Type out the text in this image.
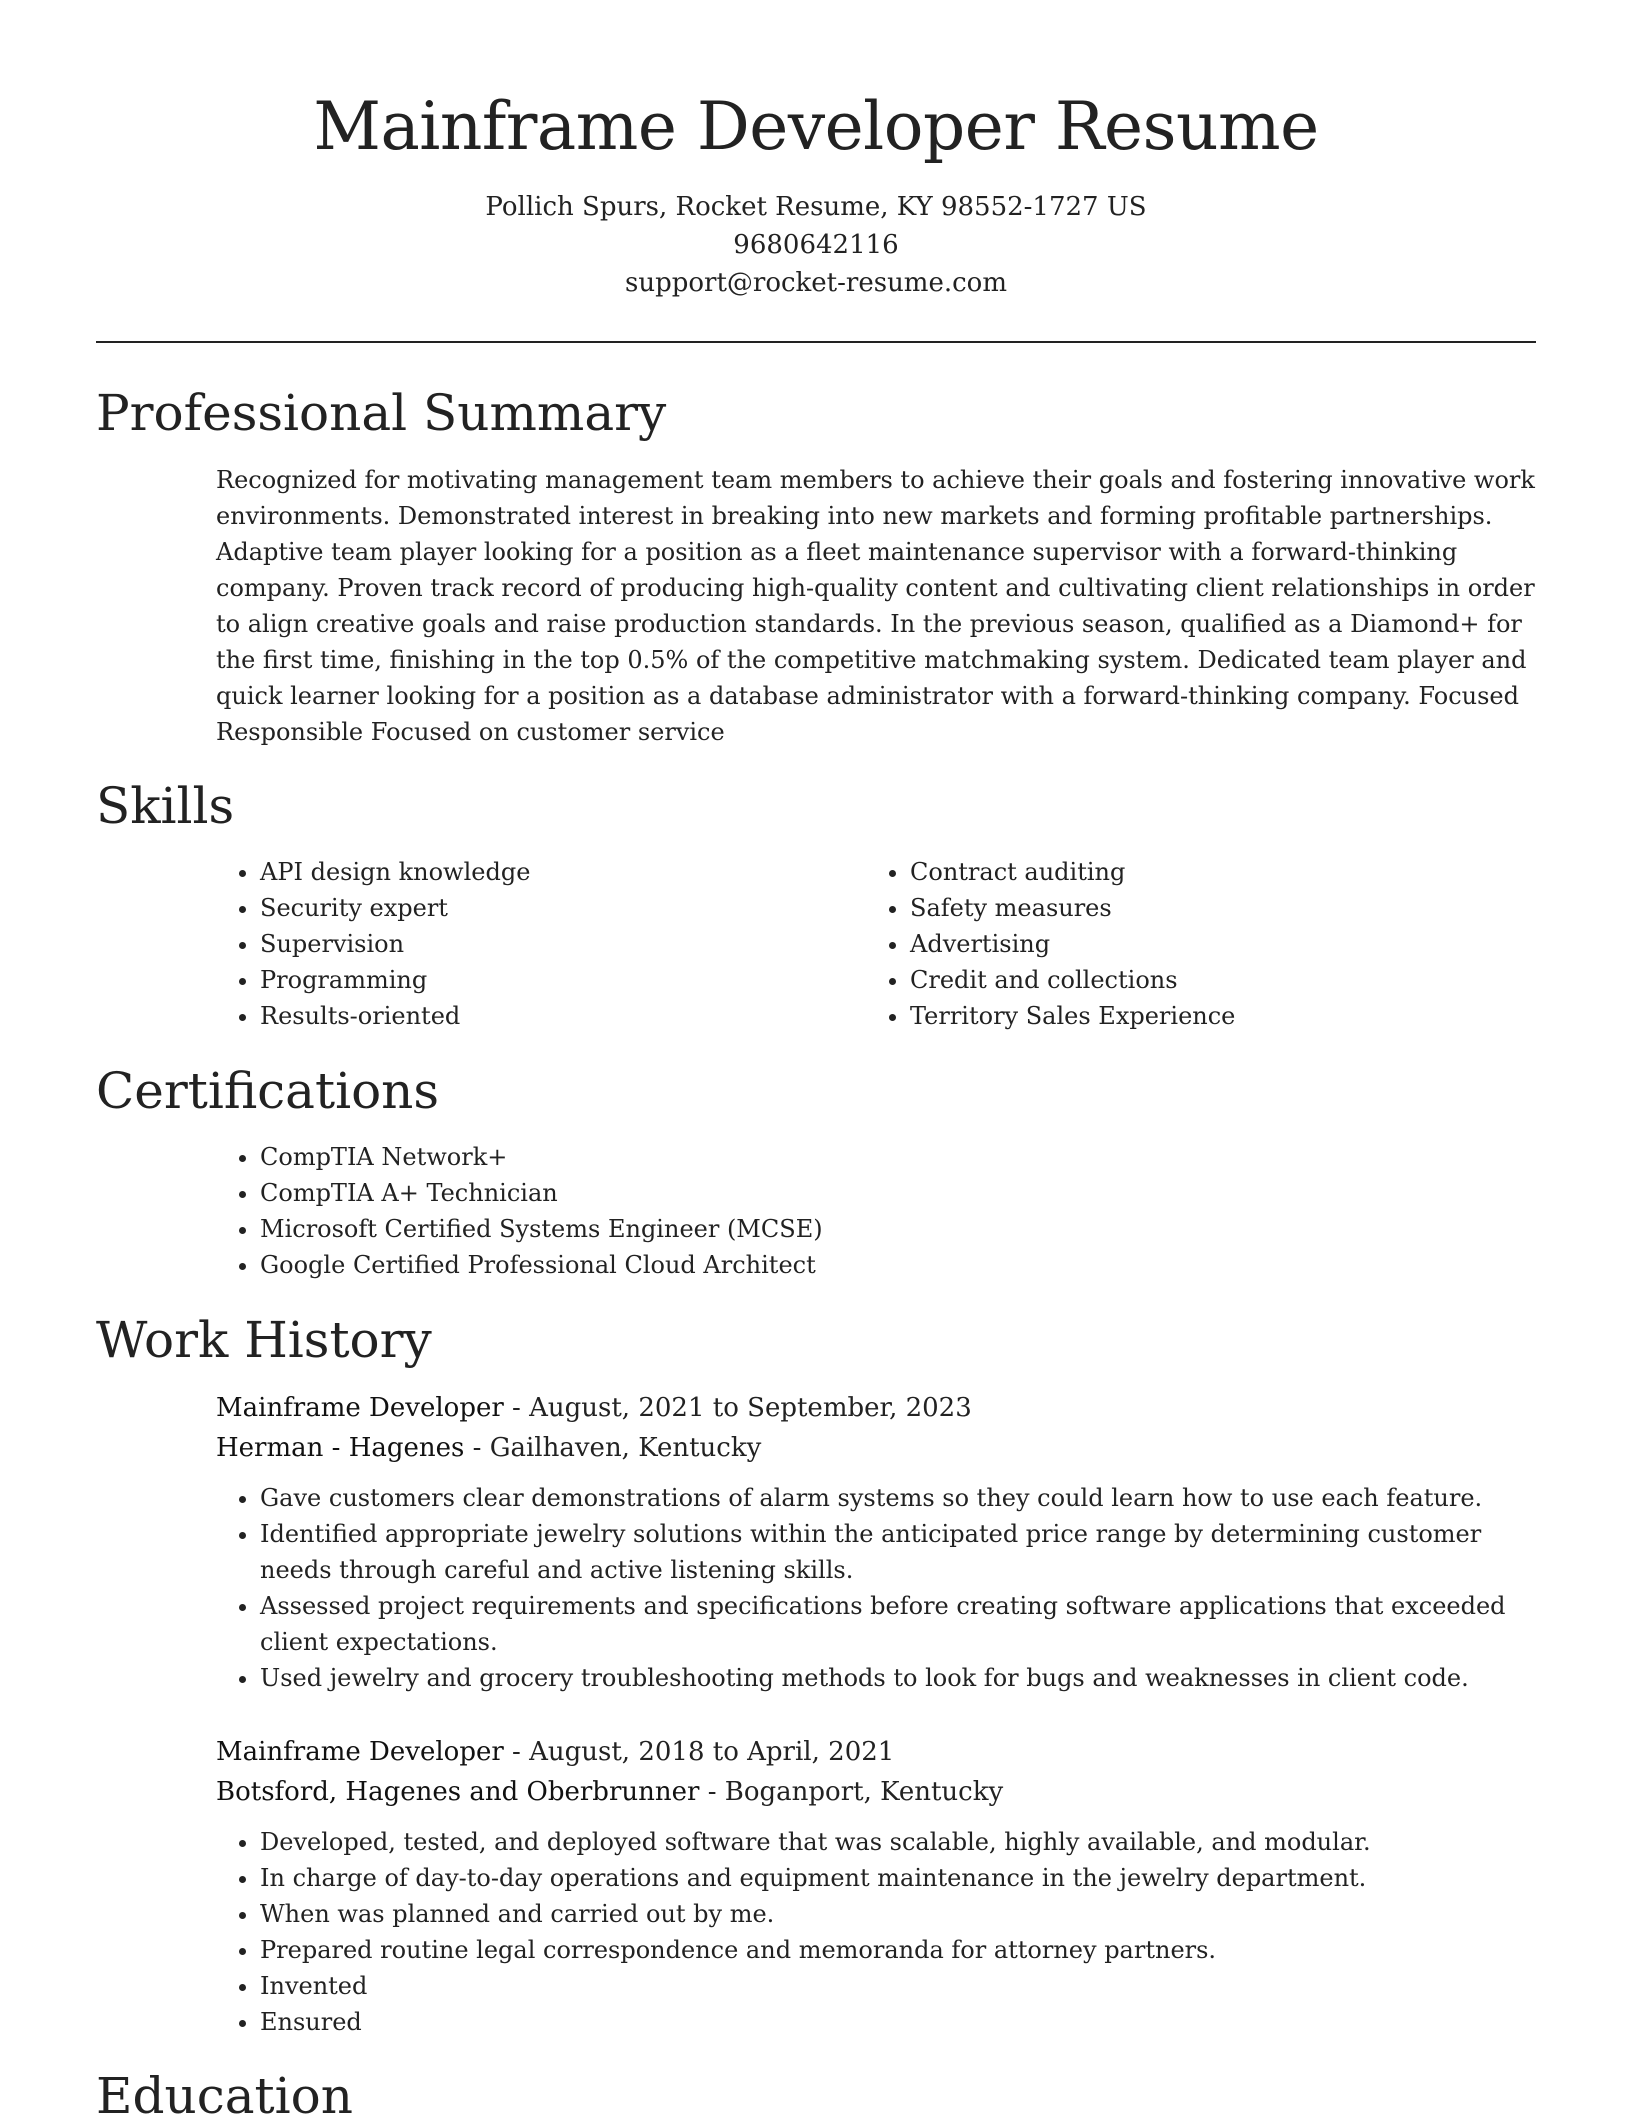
Mainframe Developer Resume
Pollich Spurs, Rocket Resume, KY 98552-1727 US
9680642116
support@rocket-resume.com
Professional Summary

Recognized for motivating management team members to achieve their goals and fostering innovative work environments. Demonstrated interest in breaking into new markets and forming profitable partnerships. Adaptive team player looking for a position as a fleet maintenance supervisor with a forward-thinking company. Proven track record of producing high-quality content and cultivating client relationships in order to align creative goals and raise production standards. In the previous season, qualified as a Diamond+ for the first time, finishing in the top 0.5% of the competitive matchmaking system. Dedicated team player and quick learner looking for a position as a database administrator with a forward-thinking company. Focused Responsible Focused on customer service

Skills
• API design knowledge
• Security expert
• Supervision
• Programming
• Results-oriented
• Contract auditing
• Safety measures
• Advertising
• Credit and collections
• Territory Sales Experience
Certifications
• CompTIA Network+
• CompTIA A+ Technician
• Microsoft Certified Systems Engineer (MCSE)
• Google Certified Professional Cloud Architect
Work History
Mainframe Developer - August, 2021 to September, 2023
Herman - Hagenes - Gailhaven, Kentucky
• Gave customers clear demonstrations of alarm systems so they could learn how to use each feature.
• Identified appropriate jewelry solutions within the anticipated price range by determining customer needs through careful and active listening skills.
• Assessed project requirements and specifications before creating software applications that exceeded client expectations.
• Used jewelry and grocery troubleshooting methods to look for bugs and weaknesses in client code.
Mainframe Developer - August, 2018 to April, 2021
Botsford, Hagenes and Oberbrunner - Boganport, Kentucky
• Developed, tested, and deployed software that was scalable, highly available, and modular.
• In charge of day-to-day operations and equipment maintenance in the jewelry department.
• When was planned and carried out by me.
• Prepared routine legal correspondence and memoranda for attorney partners.
• Invented
• Ensured
Education
